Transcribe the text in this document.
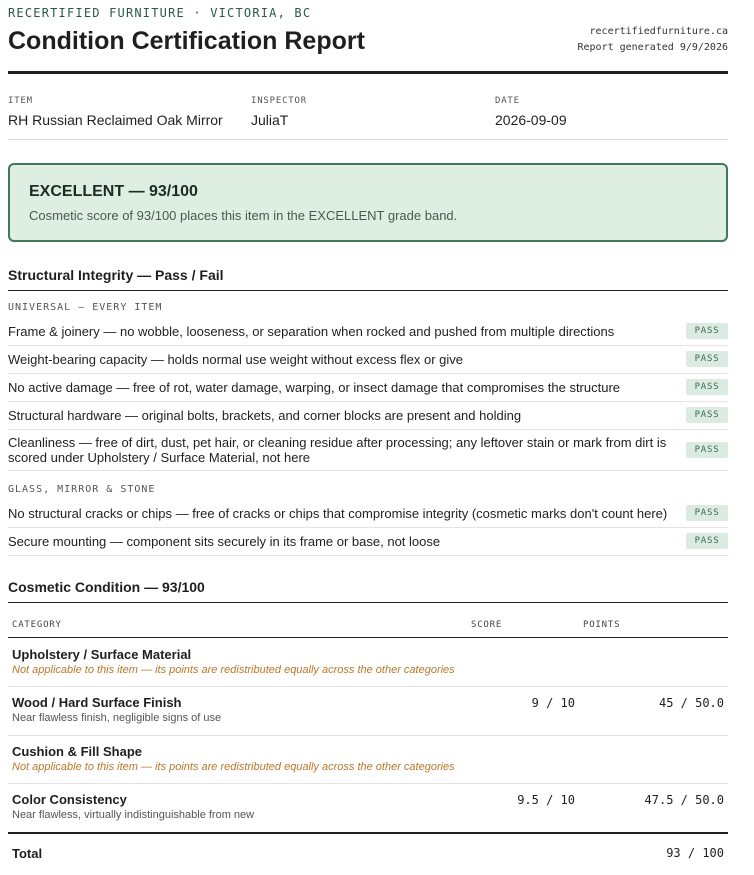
RECERTIFIED FURNITURE · VICTORIA, BC
Condition Certification Report	recertifiedfurniture.ca
Report generated 9/9/2026
ITEM
RH Russian Reclaimed Oak Mirror
INSPECTOR
JuliaT
DATE
2026-09-09
EXCELLENT — 93/100
Cosmetic score of 93/100 places this item in the EXCELLENT grade band.
Structural Integrity — Pass / Fail
UNIVERSAL — EVERY ITEM
Frame & joinery — no wobble, looseness, or separation when rocked and pushed from multiple directions	PASS
Weight-bearing capacity — holds normal use weight without excess flex or give	PASS
No active damage — free of rot, water damage, warping, or insect damage that compromises the structure	PASS
Structural hardware — original bolts, brackets, and corner blocks are present and holding	PASS
Cleanliness — free of dirt, dust, pet hair, or cleaning residue after processing; any leftover stain or mark from dirt is scored under Upholstery / Surface Material, not here	PASS
GLASS, MIRROR & STONE
No structural cracks or chips — free of cracks or chips that compromise integrity (cosmetic marks don't count here)	PASS
Secure mounting — component sits securely in its frame or base, not loose	PASS
Cosmetic Condition — 93/100
CATEGORY	SCORE	POINTS
Upholstery / Surface Material
Not applicable to this item — its points are redistributed equally across the other categories
Wood / Hard Surface Finish
Near flawless finish, negligible signs of use
9 / 10	45 / 50.0
Cushion & Fill Shape
Not applicable to this item — its points are redistributed equally across the other categories
Color Consistency
Near flawless, virtually indistinguishable from new
9.5 / 10	47.5 / 50.0
Total	93 / 100
